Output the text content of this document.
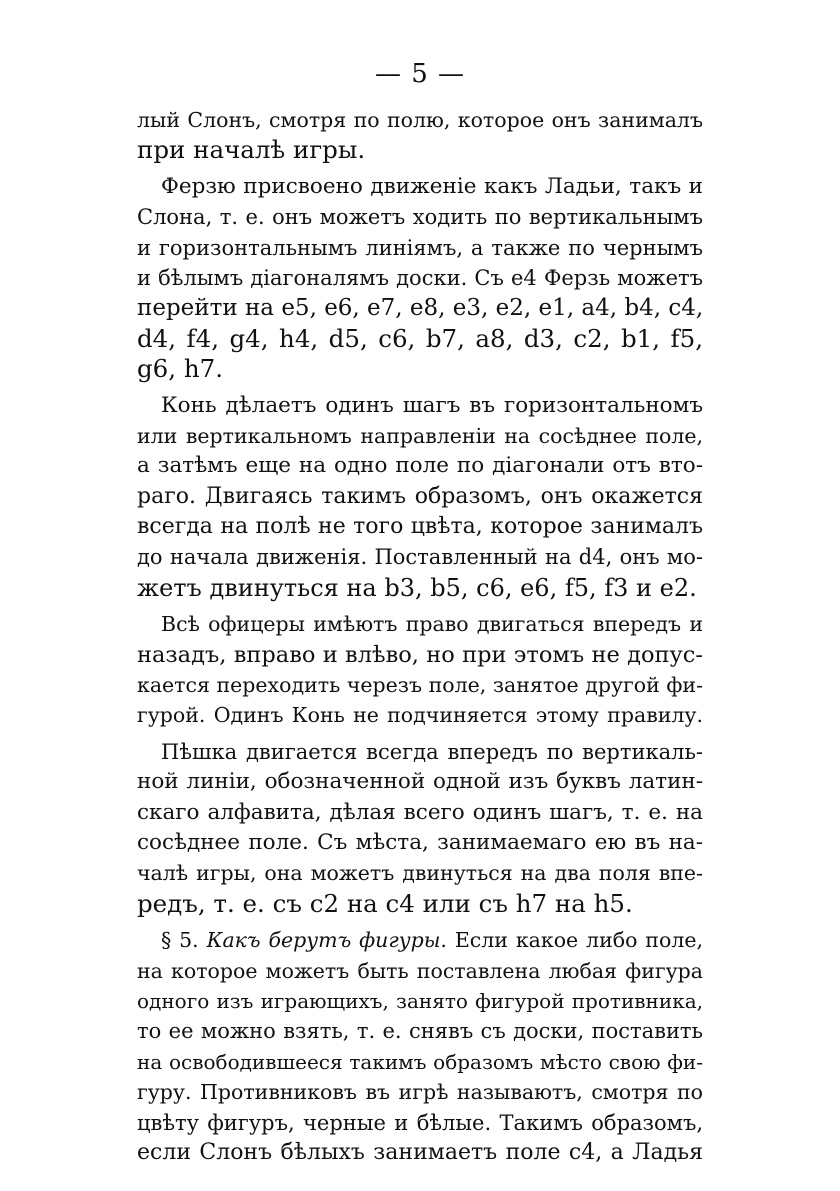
— 5 —
лый Слонъ, смотря по полю, которое онъ занималъ
при началѣ игры.
Ферзю присвоено движенiе какъ Ладьи, такъ и
Слона, т. е. онъ можетъ ходить по вертикальнымъ
и горизонтальнымъ линiямъ, а также по чернымъ
и бѣлымъ дiагоналямъ доски. Съ е4 Ферзь можетъ
перейти на е5, е6, е7, е8, е3, е2, е1, а4, b4, с4,
d4, f4, g4, h4, d5, c6, b7, a8, d3, c2, b1, f5,
g6, h7.
Конь дѣлаетъ одинъ шагъ въ горизонтальномъ
или вертикальномъ направленiи на сосѣднее поле,
а затѣмъ еще на одно поле по дiагонали отъ вто-
раго. Двигаясь такимъ образомъ, онъ окажется
всегда на полѣ не того цвѣта, которое занималъ
до начала движенiя. Поставленный на d4, онъ мо-
жетъ двинуться на b3, b5, c6, e6, f5, f3 и e2.
Всѣ офицеры имѣютъ право двигаться впередъ и
назадъ, вправо и влѣво, но при этомъ не допус-
кается переходить черезъ поле, занятое другой фи-
гурой. Одинъ Конь не подчиняется этому правилу.
Пѣшка двигается всегда впередъ по вертикаль-
ной линiи, обозначенной одной изъ буквъ латин-
скаго алфавита, дѣлая всего одинъ шагъ, т. е. на
сосѣднее поле. Съ мѣста, занимаемаго ею въ на-
чалѣ игры, она можетъ двинуться на два поля впе-
редъ, т. е. съ с2 на с4 или съ h7 на h5.
§ 5. Какъ берутъ фигуры. Если какое либо поле,
на которое можетъ быть поставлена любая фигура
одного изъ играющихъ, занято фигурой противника,
то ее можно взять, т. е. снявъ съ доски, поставить
на освободившееся такимъ образомъ мѣсто свою фи-
гуру. Противниковъ въ игрѣ называютъ, смотря по
цвѣту фигуръ, черные и бѣлые. Такимъ образомъ,
если Слонъ бѣлыхъ занимаетъ поле с4, а Ладья
